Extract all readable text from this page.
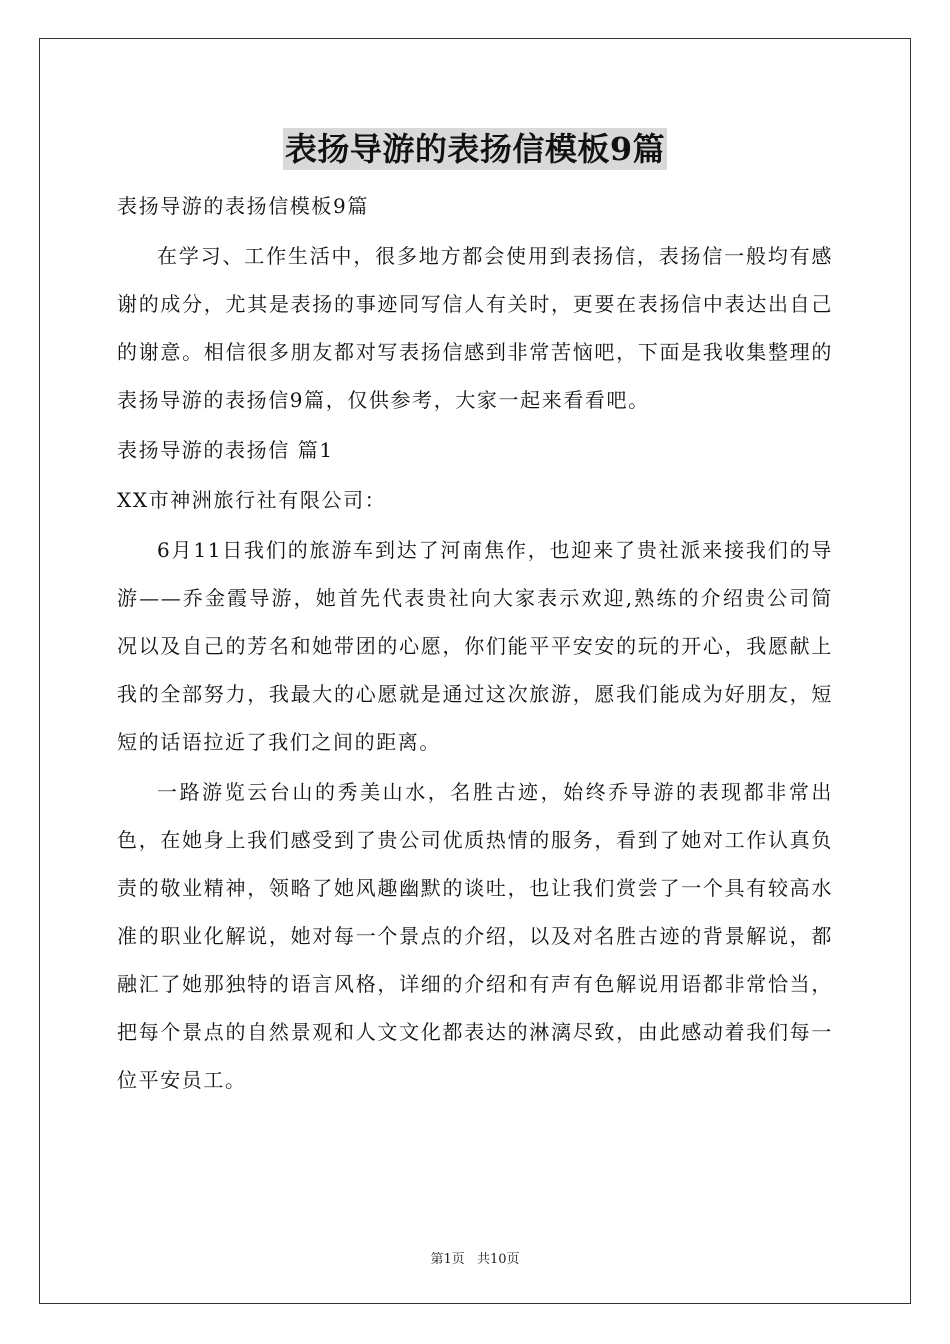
表扬导游的表扬信模板9篇

表扬导游的表扬信模板9篇

在学习、工作生活中，很多地方都会使用到表扬信，表扬信一般均有感谢的成分，尤其是表扬的事迹同写信人有关时，更要在表扬信中表达出自己的谢意。相信很多朋友都对写表扬信感到非常苦恼吧，下面是我收集整理的表扬导游的表扬信9篇，仅供参考，大家一起来看看吧。

表扬导游的表扬信 篇1

XX市神洲旅行社有限公司：

6月11日我们的旅游车到达了河南焦作，也迎来了贵社派来接我们的导游——乔金霞导游，她首先代表贵社向大家表示欢迎,熟练的介绍贵公司简况以及自己的芳名和她带团的心愿，你们能平平安安的玩的开心，我愿献上我的全部努力，我最大的心愿就是通过这次旅游，愿我们能成为好朋友，短短的话语拉近了我们之间的距离。

一路游览云台山的秀美山水，名胜古迹，始终乔导游的表现都非常出色，在她身上我们感受到了贵公司优质热情的服务，看到了她对工作认真负责的敬业精神，领略了她风趣幽默的谈吐，也让我们赏尝了一个具有较高水准的职业化解说，她对每一个景点的介绍，以及对名胜古迹的背景解说，都融汇了她那独特的语言风格，详细的介绍和有声有色解说用语都非常恰当，把每个景点的自然景观和人文文化都表达的淋漓尽致，由此感动着我们每一位平安员工。

第1页 共10页
